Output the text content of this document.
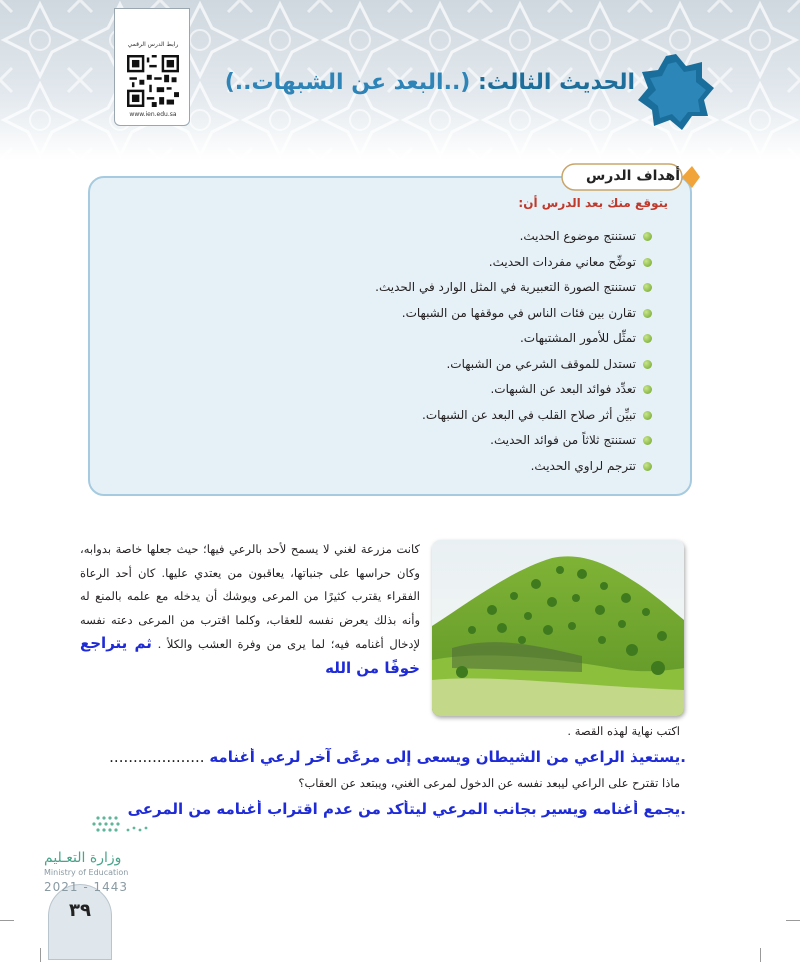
رابط الدرس الرقمي
www.ien.edu.sa
الحديث الثالث: (..البعد عن الشبهات..)
أهداف الدرس
يتوقع منك بعد الدرس أن:
تستنتج موضوع الحديث.
توضِّح معاني مفردات الحديث.
تستنتج الصورة التعبيرية في المثل الوارد في الحديث.
تقارن بين فئات الناس في موقفها من الشبهات.
تمثِّل للأمور المشتبهات.
تستدل للموقف الشرعي من الشبهات.
تعدِّد فوائد البعد عن الشبهات.
تبيِّن أثر صلاح القلب في البعد عن الشبهات.
تستنتج ثلاثاً من فوائد الحديث.
تترجم لراوي الحديث.
كانت مزرعة لغني لا يسمح لأحد بالرعي فيها؛ حيث جعلها خاصة بدوابه، وكان حراسها على جنباتها، يعاقبون من يعتدي عليها. كان أحد الرعاة الفقراء يقترب كثيرًا من المرعى ويوشك أن يدخله مع علمه بالمنع له وأنه بذلك يعرض نفسه للعقاب، وكلما اقترب من المرعى دعته نفسه لإدخال أغنامه فيه؛ لما يرى من وفرة العشب والكلأ . ثم يتراجع خوفًا من الله
اكتب نهاية لهذه القصة .
.يستعيذ الراعي من الشيطان ويسعى إلى مرعًى آخر لرعي أغنامه ....................
ماذا تقترح على الراعي ليبعد نفسه عن الدخول لمرعى الغني، ويبتعد عن العقاب؟
.يجمع أغنامه ويسير بجانب المرعي ليتأكد من عدم اقتراب أغنامه من المرعى
وزارة التعـليم
Ministry of Education
2021 - 1443
٣٩
